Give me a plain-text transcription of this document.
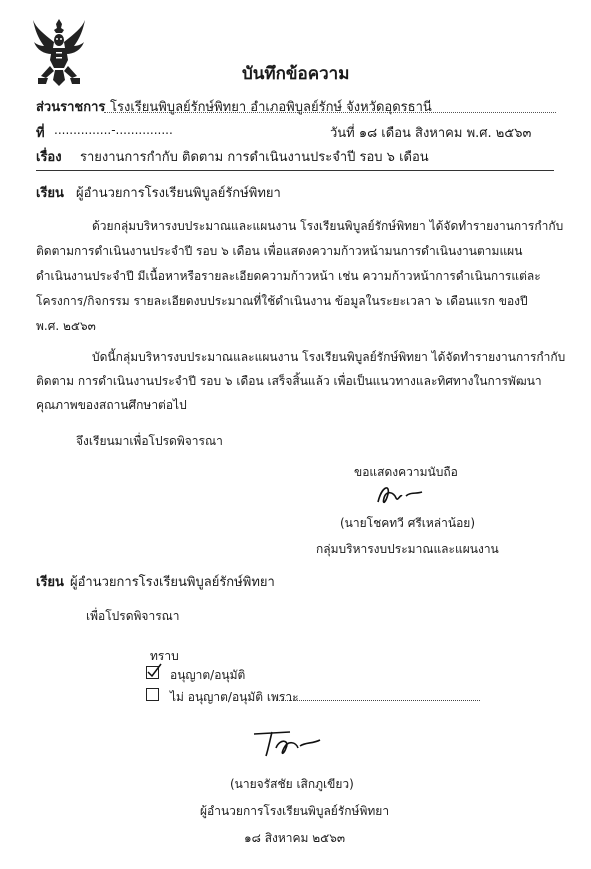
บันทึกข้อความ
ส่วนราชการ โรงเรียนพิบูลย์รักษ์พิทยา อำเภอพิบูลย์รักษ์ จังหวัดอุดรธานี
ที่ ...............-...............	วันที่ ๑๘ เดือน สิงหาคม พ.ศ. ๒๕๖๓
เรื่อง รายงานการกำกับ ติดตาม การดำเนินงานประจำปี รอบ ๖ เดือน
เรียน ผู้อำนวยการโรงเรียนพิบูลย์รักษ์พิทยา
ด้วยกลุ่มบริหารงบประมาณและแผนงาน โรงเรียนพิบูลย์รักษ์พิทยา ได้จัดทำรายงานการกำกับ
ติดตามการดำเนินงานประจำปี รอบ ๖ เดือน เพื่อแสดงความก้าวหน้ามนการดำเนินงานตามแผน
ดำเนินงานประจำปี มีเนื้อหาหรือรายละเอียดความก้าวหน้า เช่น ความก้าวหน้าการดำเนินการแต่ละ
โครงการ/กิจกรรม รายละเอียดงบประมาณที่ใช้ดำเนินงาน ข้อมูลในระยะเวลา ๖ เดือนแรก ของปี
พ.ศ. ๒๕๖๓
บัดนี้กลุ่มบริหารงบประมาณและแผนงาน โรงเรียนพิบูลย์รักษ์พิทยา ได้จัดทำรายงานการกำกับ
ติดตาม การดำเนินงานประจำปี รอบ ๖ เดือน เสร็จสิ้นแล้ว เพื่อเป็นแนวทางและทิศทางในการพัฒนา
คุณภาพของสถานศึกษาต่อไป
จึงเรียนมาเพื่อโปรดพิจารณา
ขอแสดงความนับถือ
(นายโชคทวี ศรีเหล่าน้อย)
กลุ่มบริหารงบประมาณและแผนงาน
เรียน ผู้อำนวยการโรงเรียนพิบูลย์รักษ์พิทยา
เพื่อโปรดพิจารณา
ทราบ
อนุญาต/อนุมัติ
ไม่ อนุญาต/อนุมัติ เพราะ
(นายจรัสชัย เสิกภูเขียว)
ผู้อำนวยการโรงเรียนพิบูลย์รักษ์พิทยา
๑๘ สิงหาคม ๒๕๖๓
